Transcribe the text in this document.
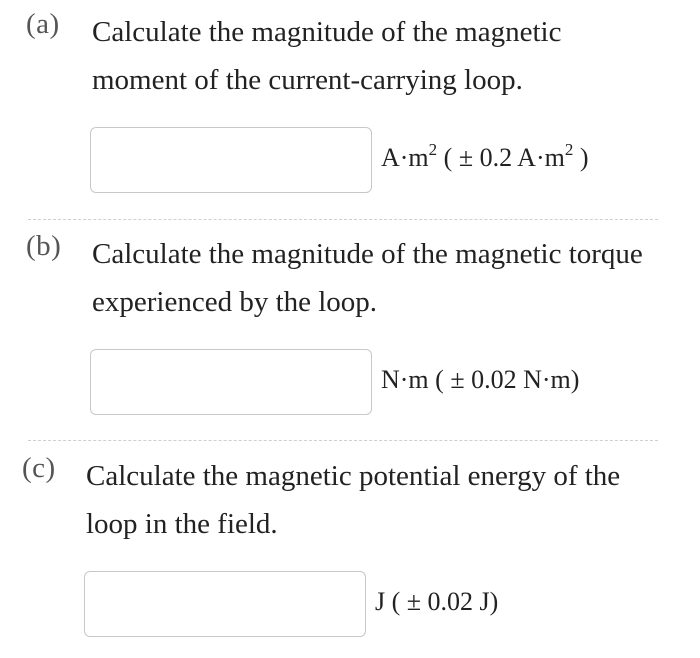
(a) Calculate the magnitude of the magnetic moment of the current-carrying loop.
$A\cdot m^2$ ( ± 0.2 $A\cdot m^2$ )
(b) Calculate the magnitude of the magnetic torque experienced by the loop.
N·m ( ± 0.02 N·m)
(c) Calculate the magnetic potential energy of the loop in the field.
J ( ± 0.02 J)
